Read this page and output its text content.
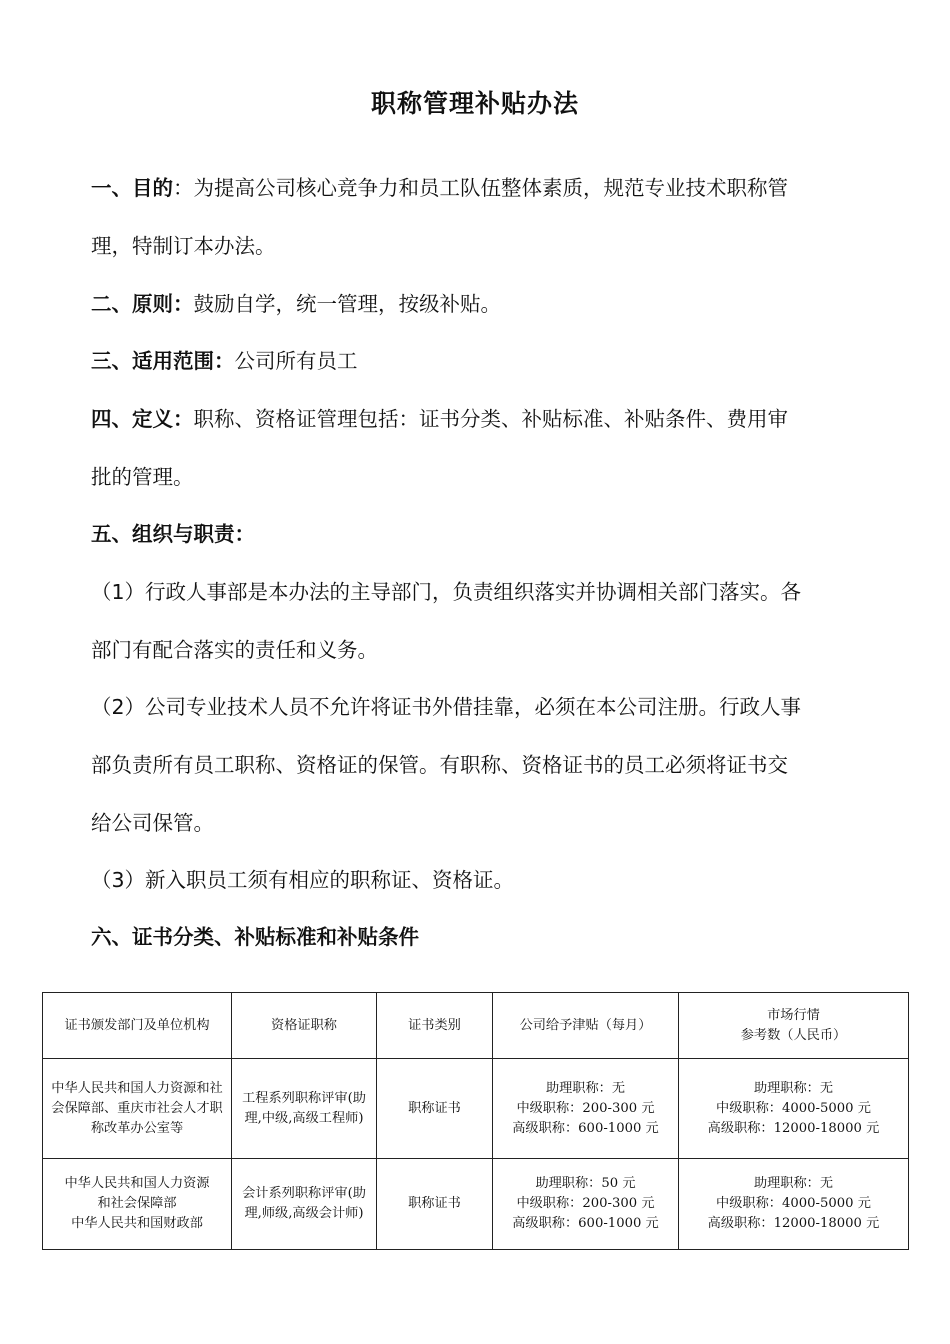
职称管理补贴办法
一、目的：为提高公司核心竞争力和员工队伍整体素质，规范专业技术职称管
理，特制订本办法。
二、原则：鼓励自学，统一管理，按级补贴。
三、适用范围：公司所有员工
四、定义：职称、资格证管理包括：证书分类、补贴标准、补贴条件、费用审
批的管理。
五、组织与职责：
（1）行政人事部是本办法的主导部门，负责组织落实并协调相关部门落实。各
部门有配合落实的责任和义务。
（2）公司专业技术人员不允许将证书外借挂靠，必须在本公司注册。行政人事
部负责所有员工职称、资格证的保管。有职称、资格证书的员工必须将证书交
给公司保管。
（3）新入职员工须有相应的职称证、资格证。
六、证书分类、补贴标准和补贴条件
证书颁发部门及单位机构	资格证职称	证书类别	公司给予津贴（每月）	市场行情
参考数（人民币）

中华人民共和国人力资源和社会保障部、重庆市社会人才职称改革办公室等	工程系列职称评审(助理,中级,高级工程师)	职称证书	助理职称：无
中级职称：200-300 元
高级职称：600-1000 元	助理职称：无
中级职称：4000-5000 元
高级职称：12000-18000 元

中华人民共和国人力资源
和社会保障部
中华人民共和国财政部	会计系列职称评审(助理,师级,高级会计师)	职称证书	助理职称：50 元
中级职称：200-300 元
高级职称：600-1000 元	助理职称：无
中级职称：4000-5000 元
高级职称：12000-18000 元
